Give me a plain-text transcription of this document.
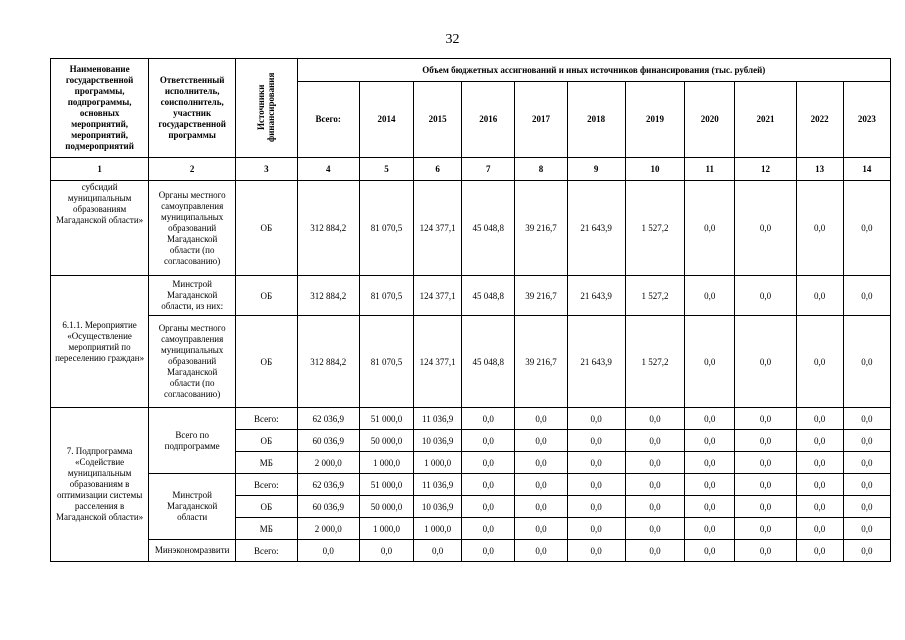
32
Наименование государственной программы, подпрограммы, основных мероприятий, мероприятий, подмероприятий	Ответственный исполнитель, соисполнитель, участник государственной программы	Источники финансирования	Объем бюджетных ассигнований и иных источников финансирования (тыс. рублей)										
			Всего:	2014	2015	2016	2017	2018	2019	2020	2021	2022	2023
1	2	3	4	5	6	7	8	9	10	11	12	13	14
субсидий муниципальным образованиям Магаданской области»	Органы местного самоуправления муниципальных образований Магаданской области (по согласованию)	ОБ	312 884,2	81 070,5	124 377,1	45 048,8	39 216,7	21 643,9	1 527,2	0,0	0,0	0,0	0,0
6.1.1. Мероприятие «Осуществление мероприятий по переселению граждан»	Минстрой Магаданской области, из них:	ОБ	312 884,2	81 070,5	124 377,1	45 048,8	39 216,7	21 643,9	1 527,2	0,0	0,0	0,0	0,0
	Органы местного самоуправления муниципальных образований Магаданской области (по согласованию)	ОБ	312 884,2	81 070,5	124 377,1	45 048,8	39 216,7	21 643,9	1 527,2	0,0	0,0	0,0	0,0
7. Подпрограмма «Содействие муниципальным образованиям в оптимизации системы расселения в Магаданской области»	Всего по подпрограмме	Всего:	62 036,9	51 000,0	11 036,9	0,0	0,0	0,0	0,0	0,0	0,0	0,0	0,0
		ОБ	60 036,9	50 000,0	10 036,9	0,0	0,0	0,0	0,0	0,0	0,0	0,0	0,0
		МБ	2 000,0	1 000,0	1 000,0	0,0	0,0	0,0	0,0	0,0	0,0	0,0	0,0
	Минстрой Магаданской области	Всего:	62 036,9	51 000,0	11 036,9	0,0	0,0	0,0	0,0	0,0	0,0	0,0	0,0
		ОБ	60 036,9	50 000,0	10 036,9	0,0	0,0	0,0	0,0	0,0	0,0	0,0	0,0
		МБ	2 000,0	1 000,0	1 000,0	0,0	0,0	0,0	0,0	0,0	0,0	0,0	0,0
	Минэкономразвити	Всего:	0,0	0,0	0,0	0,0	0,0	0,0	0,0	0,0	0,0	0,0	0,0
